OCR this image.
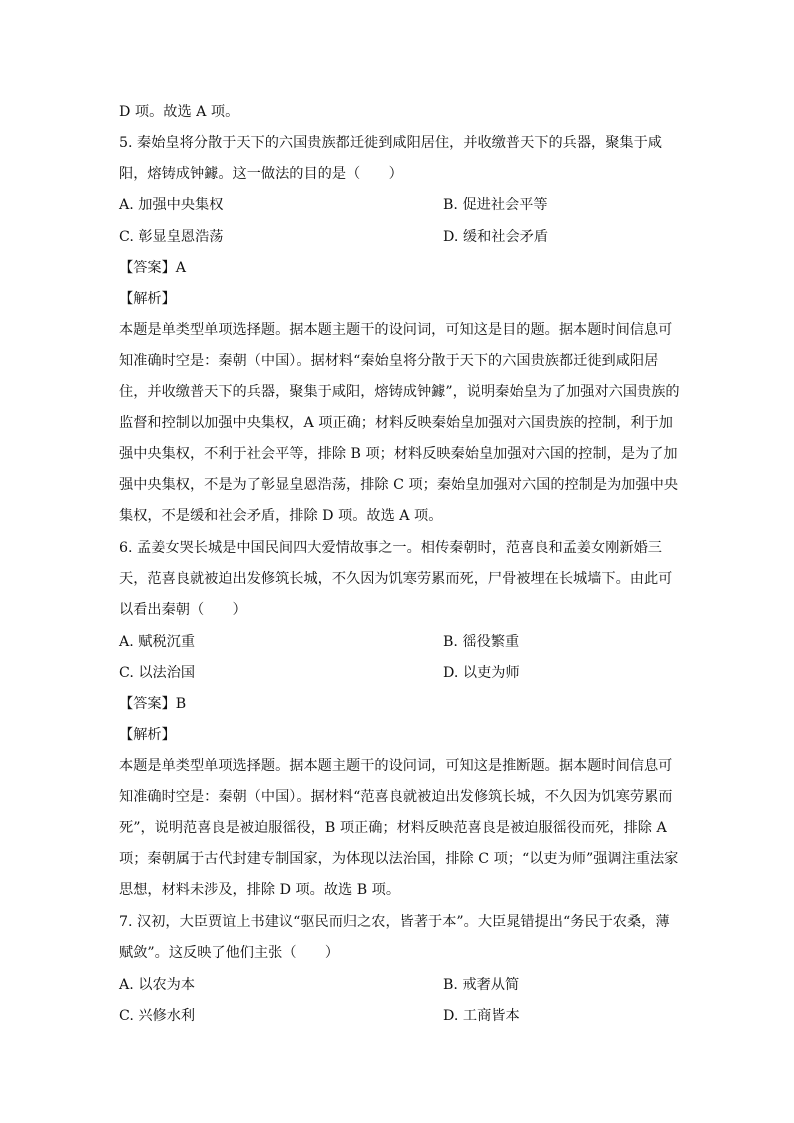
D 项。故选 A 项。
5. 秦始皇将分散于天下的六国贵族都迁徙到咸阳居住，并收缴普天下的兵器，聚集于咸
阳，熔铸成钟鐻。这一做法的目的是（　　）
A. 加强中央集权	B. 促进社会平等
C. 彰显皇恩浩荡	D. 缓和社会矛盾
【答案】A
【解析】
本题是单类型单项选择题。据本题主题干的设问词，可知这是目的题。据本题时间信息可
知准确时空是：秦朝（中国）。据材料“秦始皇将分散于天下的六国贵族都迁徙到咸阳居
住，并收缴普天下的兵器，聚集于咸阳，熔铸成钟鐻”，说明秦始皇为了加强对六国贵族的
监督和控制以加强中央集权，A 项正确；材料反映秦始皇加强对六国贵族的控制，利于加
强中央集权，不利于社会平等，排除 B 项；材料反映秦始皇加强对六国的控制，是为了加
强中央集权，不是为了彰显皇恩浩荡，排除 C 项；秦始皇加强对六国的控制是为加强中央
集权，不是缓和社会矛盾，排除 D 项。故选 A 项。
6. 孟姜女哭长城是中国民间四大爱情故事之一。相传秦朝时，范喜良和孟姜女刚新婚三
天，范喜良就被迫出发修筑长城，不久因为饥寒劳累而死，尸骨被埋在长城墙下。由此可
以看出秦朝（　　）
A. 赋税沉重	B. 徭役繁重
C. 以法治国	D. 以吏为师
【答案】B
【解析】
本题是单类型单项选择题。据本题主题干的设问词，可知这是推断题。据本题时间信息可
知准确时空是：秦朝（中国）。据材料“范喜良就被迫出发修筑长城，不久因为饥寒劳累而
死”，说明范喜良是被迫服徭役，B 项正确；材料反映范喜良是被迫服徭役而死，排除 A
项；秦朝属于古代封建专制国家，为体现以法治国，排除 C 项；“以吏为师”强调注重法家
思想，材料未涉及，排除 D 项。故选 B 项。
7. 汉初，大臣贾谊上书建议“驱民而归之农，皆著于本”。大臣晁错提出“务民于农桑，薄
赋敛”。这反映了他们主张（　　）
A. 以农为本	B. 戒奢从简
C. 兴修水利	D. 工商皆本
